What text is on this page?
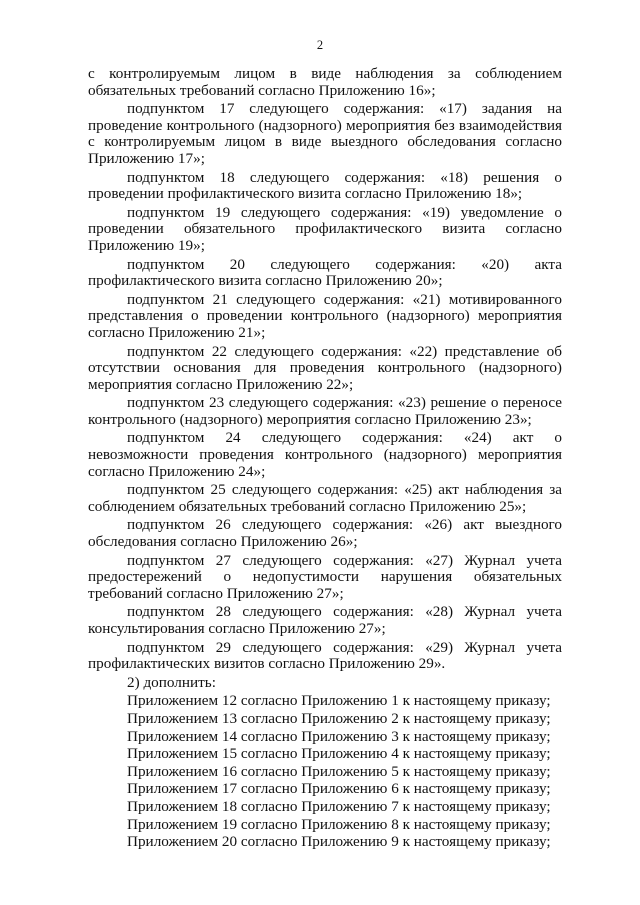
2

с контролируемым лицом в виде наблюдения за соблюдением обязательных требований согласно Приложению 16»;

подпунктом 17 следующего содержания: «17) задания на проведение контрольного (надзорного) мероприятия без взаимодействия с контролируемым лицом в виде выездного обследования согласно Приложению 17»;

подпунктом 18 следующего содержания: «18) решения о проведении профилактического визита согласно Приложению 18»;

подпунктом 19 следующего содержания: «19) уведомление о проведении обязательного профилактического визита согласно Приложению 19»;

подпунктом 20 следующего содержания: «20) акта профилактического визита согласно Приложению 20»;

подпунктом 21 следующего содержания: «21) мотивированного представления о проведении контрольного (надзорного) мероприятия согласно Приложению 21»;

подпунктом 22 следующего содержания: «22) представление об отсутствии основания для проведения контрольного (надзорного) мероприятия согласно Приложению 22»;

подпунктом 23 следующего содержания: «23) решение о переносе контрольного (надзорного) мероприятия согласно Приложению 23»;

подпунктом 24 следующего содержания: «24) акт о невозможности проведения контрольного (надзорного) мероприятия согласно Приложению 24»;

подпунктом 25 следующего содержания: «25) акт наблюдения за соблюдением обязательных требований согласно Приложению 25»;

подпунктом 26 следующего содержания: «26) акт выездного обследования согласно Приложению 26»;

подпунктом 27 следующего содержания: «27) Журнал учета предостережений о недопустимости нарушения обязательных требований согласно Приложению 27»;

подпунктом 28 следующего содержания: «28) Журнал учета консультирования согласно Приложению 27»;

подпунктом 29 следующего содержания: «29) Журнал учета профилактических визитов согласно Приложению 29».

2) дополнить:

Приложением 12 согласно Приложению 1 к настоящему приказу;
Приложением 13 согласно Приложению 2 к настоящему приказу;
Приложением 14 согласно Приложению 3 к настоящему приказу;
Приложением 15 согласно Приложению 4 к настоящему приказу;
Приложением 16 согласно Приложению 5 к настоящему приказу;
Приложением 17 согласно Приложению 6 к настоящему приказу;
Приложением 18 согласно Приложению 7 к настоящему приказу;
Приложением 19 согласно Приложению 8 к настоящему приказу;
Приложением 20 согласно Приложению 9 к настоящему приказу;
